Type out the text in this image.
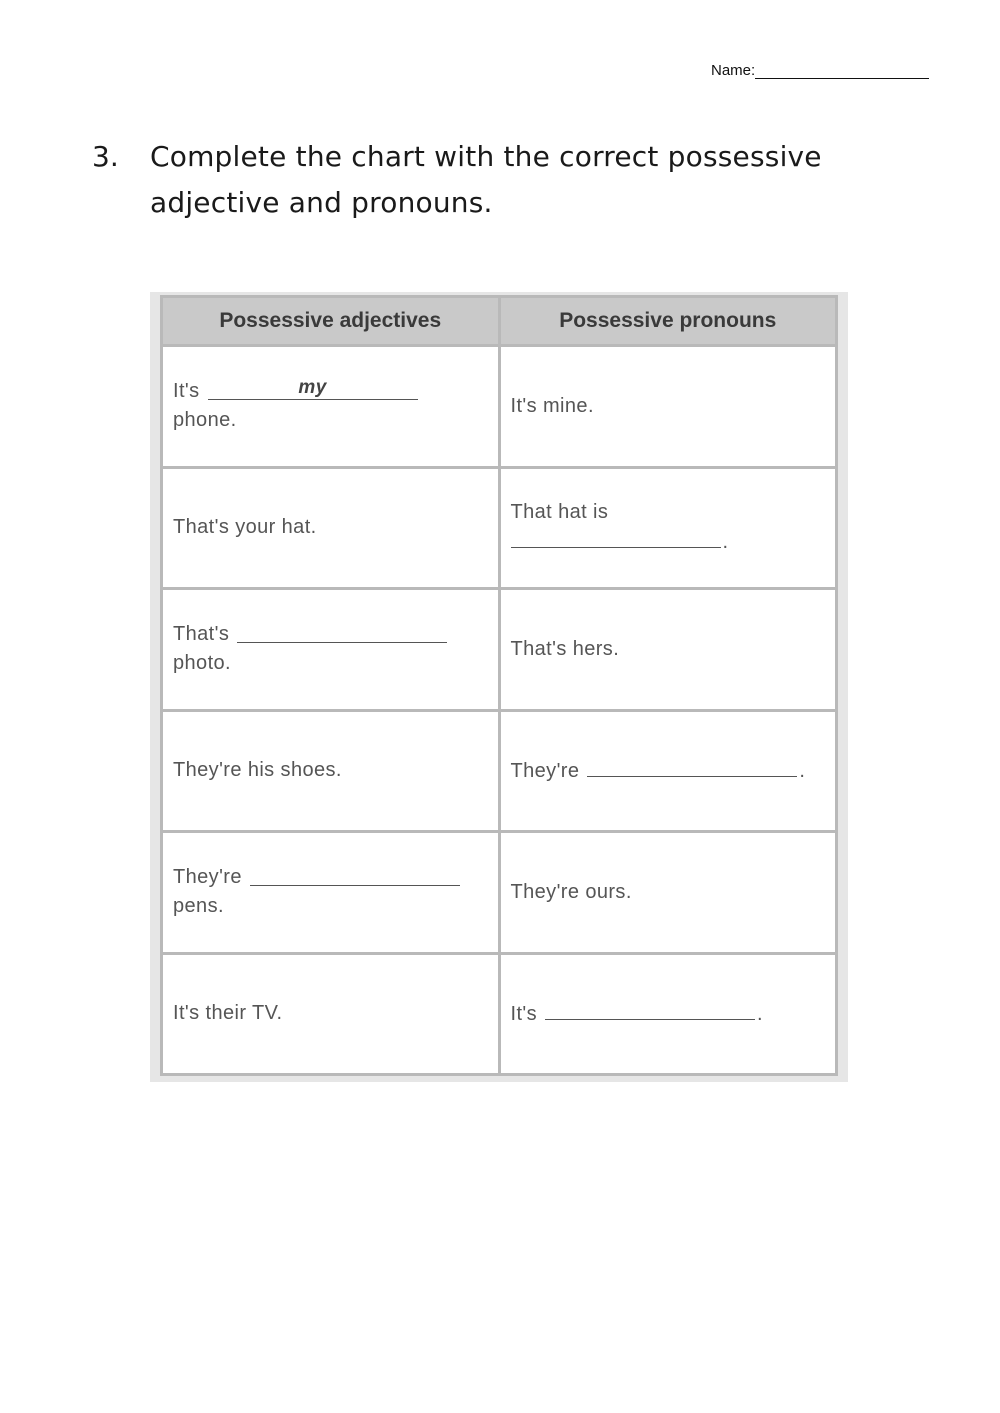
Name:
3.	Complete the chart with the correct possessive adjective and pronouns.
Possessive adjectives	Possessive pronouns

It's my
phone.	It's mine.
That's your hat.	That hat is
.

That's
photo.	That's hers.
They're his shoes.	They're .

They're
pens.	They're ours.
It's their TV.	It's .
